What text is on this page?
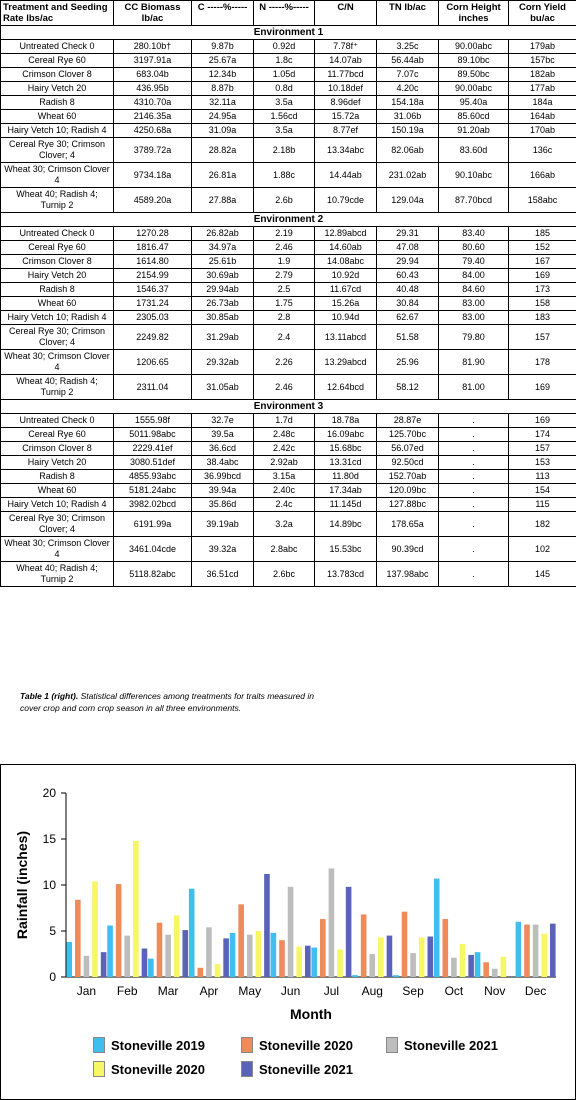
Treatment and Seeding Rate lbs/ac	CC Biomass lb/ac	C -----%-----	N -----%-----	C/N	TN lb/ac	Corn Height inches	Corn Yield bu/ac
Environment 1							
Untreated Check 0	280.10b†	9.87b	0.92d	7.78f⁺	3.25c	90.00abc	179ab
Cereal Rye 60	3197.91a	25.67a	1.8c	14.07ab	56.44ab	89.10bc	157bc
Crimson Clover 8	683.04b	12.34b	1.05d	11.77bcd	7.07c	89.50bc	182ab
Hairy Vetch 20	436.95b	8.87b	0.8d	10.18def	4.20c	90.00abc	177ab
Radish 8	4310.70a	32.11a	3.5a	8.96def	154.18a	95.40a	184a
Wheat 60	2146.35a	24.95a	1.56cd	15.72a	31.06b	85.60cd	164ab
Hairy Vetch 10; Radish 4	4250.68a	31.09a	3.5a	8.77ef	150.19a	91.20ab	170ab
Cereal Rye 30; Crimson Clover; 4	3789.72a	28.82a	2.18b	13.34abc	82.06ab	83.60d	136c
Wheat 30; Crimson Clover 4	9734.18a	26.81a	1.88c	14.44ab	231.02ab	90.10abc	166ab
Wheat 40; Radish 4; Turnip 2	4589.20a	27.88a	2.6b	10.79cde	129.04a	87.70bcd	158abc
Environment 2							
Untreated Check 0	1270.28	26.82ab	2.19	12.89abcd	29.31	83.40	185
Cereal Rye 60	1816.47	34.97a	2.46	14.60ab	47.08	80.60	152
Crimson Clover 8	1614.80	25.61b	1.9	14.08abc	29.94	79.40	167
Hairy Vetch 20	2154.99	30.69ab	2.79	10.92d	60.43	84.00	169
Radish 8	1546.37	29.94ab	2.5	11.67cd	40.48	84.60	173
Wheat 60	1731.24	26.73ab	1.75	15.26a	30.84	83.00	158
Hairy Vetch 10; Radish 4	2305.03	30.85ab	2.8	10.94d	62.67	83.00	183
Cereal Rye 30; Crimson Clover; 4	2249.82	31.29ab	2.4	13.11abcd	51.58	79.80	157
Wheat 30; Crimson Clover 4	1206.65	29.32ab	2.26	13.29abcd	25.96	81.90	178
Wheat 40; Radish 4; Turnip 2	2311.04	31.05ab	2.46	12.64bcd	58.12	81.00	169
Environment 3							
Untreated Check 0	1555.98f	32.7e	1.7d	18.78a	28.87e	.	169
Cereal Rye 60	5011.98abc	39.5a	2.48c	16.09abc	125.70bc	.	174
Crimson Clover 8	2229.41ef	36.6cd	2.42c	15.68bc	56.07ed	.	157
Hairy Vetch 20	3080.51def	38.4abc	2.92ab	13.31cd	92.50cd	.	153
Radish 8	4855.93abc	36.99bcd	3.15a	11.80d	152.70ab	.	113
Wheat 60	5181.24abc	39.94a	2.40c	17.34ab	120.09bc	.	154
Hairy Vetch 10; Radish 4	3982.02bcd	35.86d	2.4c	11.145d	127.88bc	.	115
Cereal Rye 30; Crimson Clover; 4	6191.99a	39.19ab	3.2a	14.89bc	178.65a	.	182
Wheat 30; Crimson Clover 4	3461.04cde	39.32a	2.8abc	15.53bc	90.39cd	.	102
Wheat 40; Radish 4; Turnip 2	5118.82abc	36.51cd	2.6bc	13.783cd	137.98abc	.	145
Table 1 (right). Statistical differences among treatments for traits measured in cover crop and corn crop season in all three environments.
0
5
10
15
20
Rainfall (inches)
Jan Feb Mar Apr May Jun Jul Aug Sep Oct Nov Dec
Month
Stoneville 2019	Stoneville 2020	Stoneville 2021
Stoneville 2020	Stoneville 2021
